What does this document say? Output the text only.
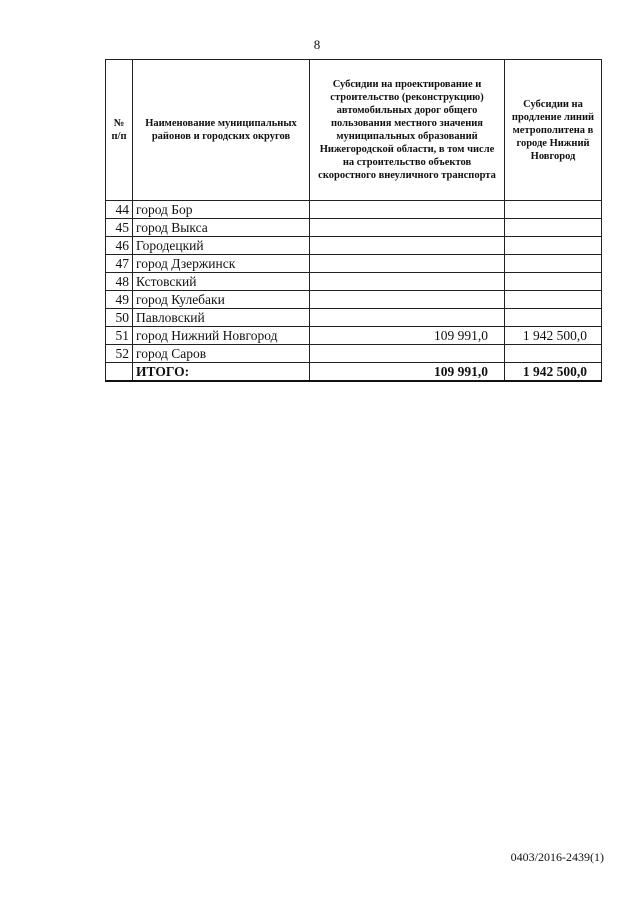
8
№ п/п	Наименование муниципальных районов и городских округов	Субсидии на проектирование и строительство (реконструкцию) автомобильных дорог общего пользования местного значения муниципальных образований Нижегородской области, в том числе на строительство объектов скоростного внеуличного транспорта	Субсидии на продление линий метрополитена в городе Нижний Новгород
44	город Бор		
45	город Выкса		
46	Городецкий		
47	город Дзержинск		
48	Кстовский		
49	город Кулебаки		
50	Павловский		
51	город Нижний Новгород	109 991,0	1 942 500,0
52	город Саров		
	ИТОГО:	109 991,0	1 942 500,0
0403/2016-2439(1)
